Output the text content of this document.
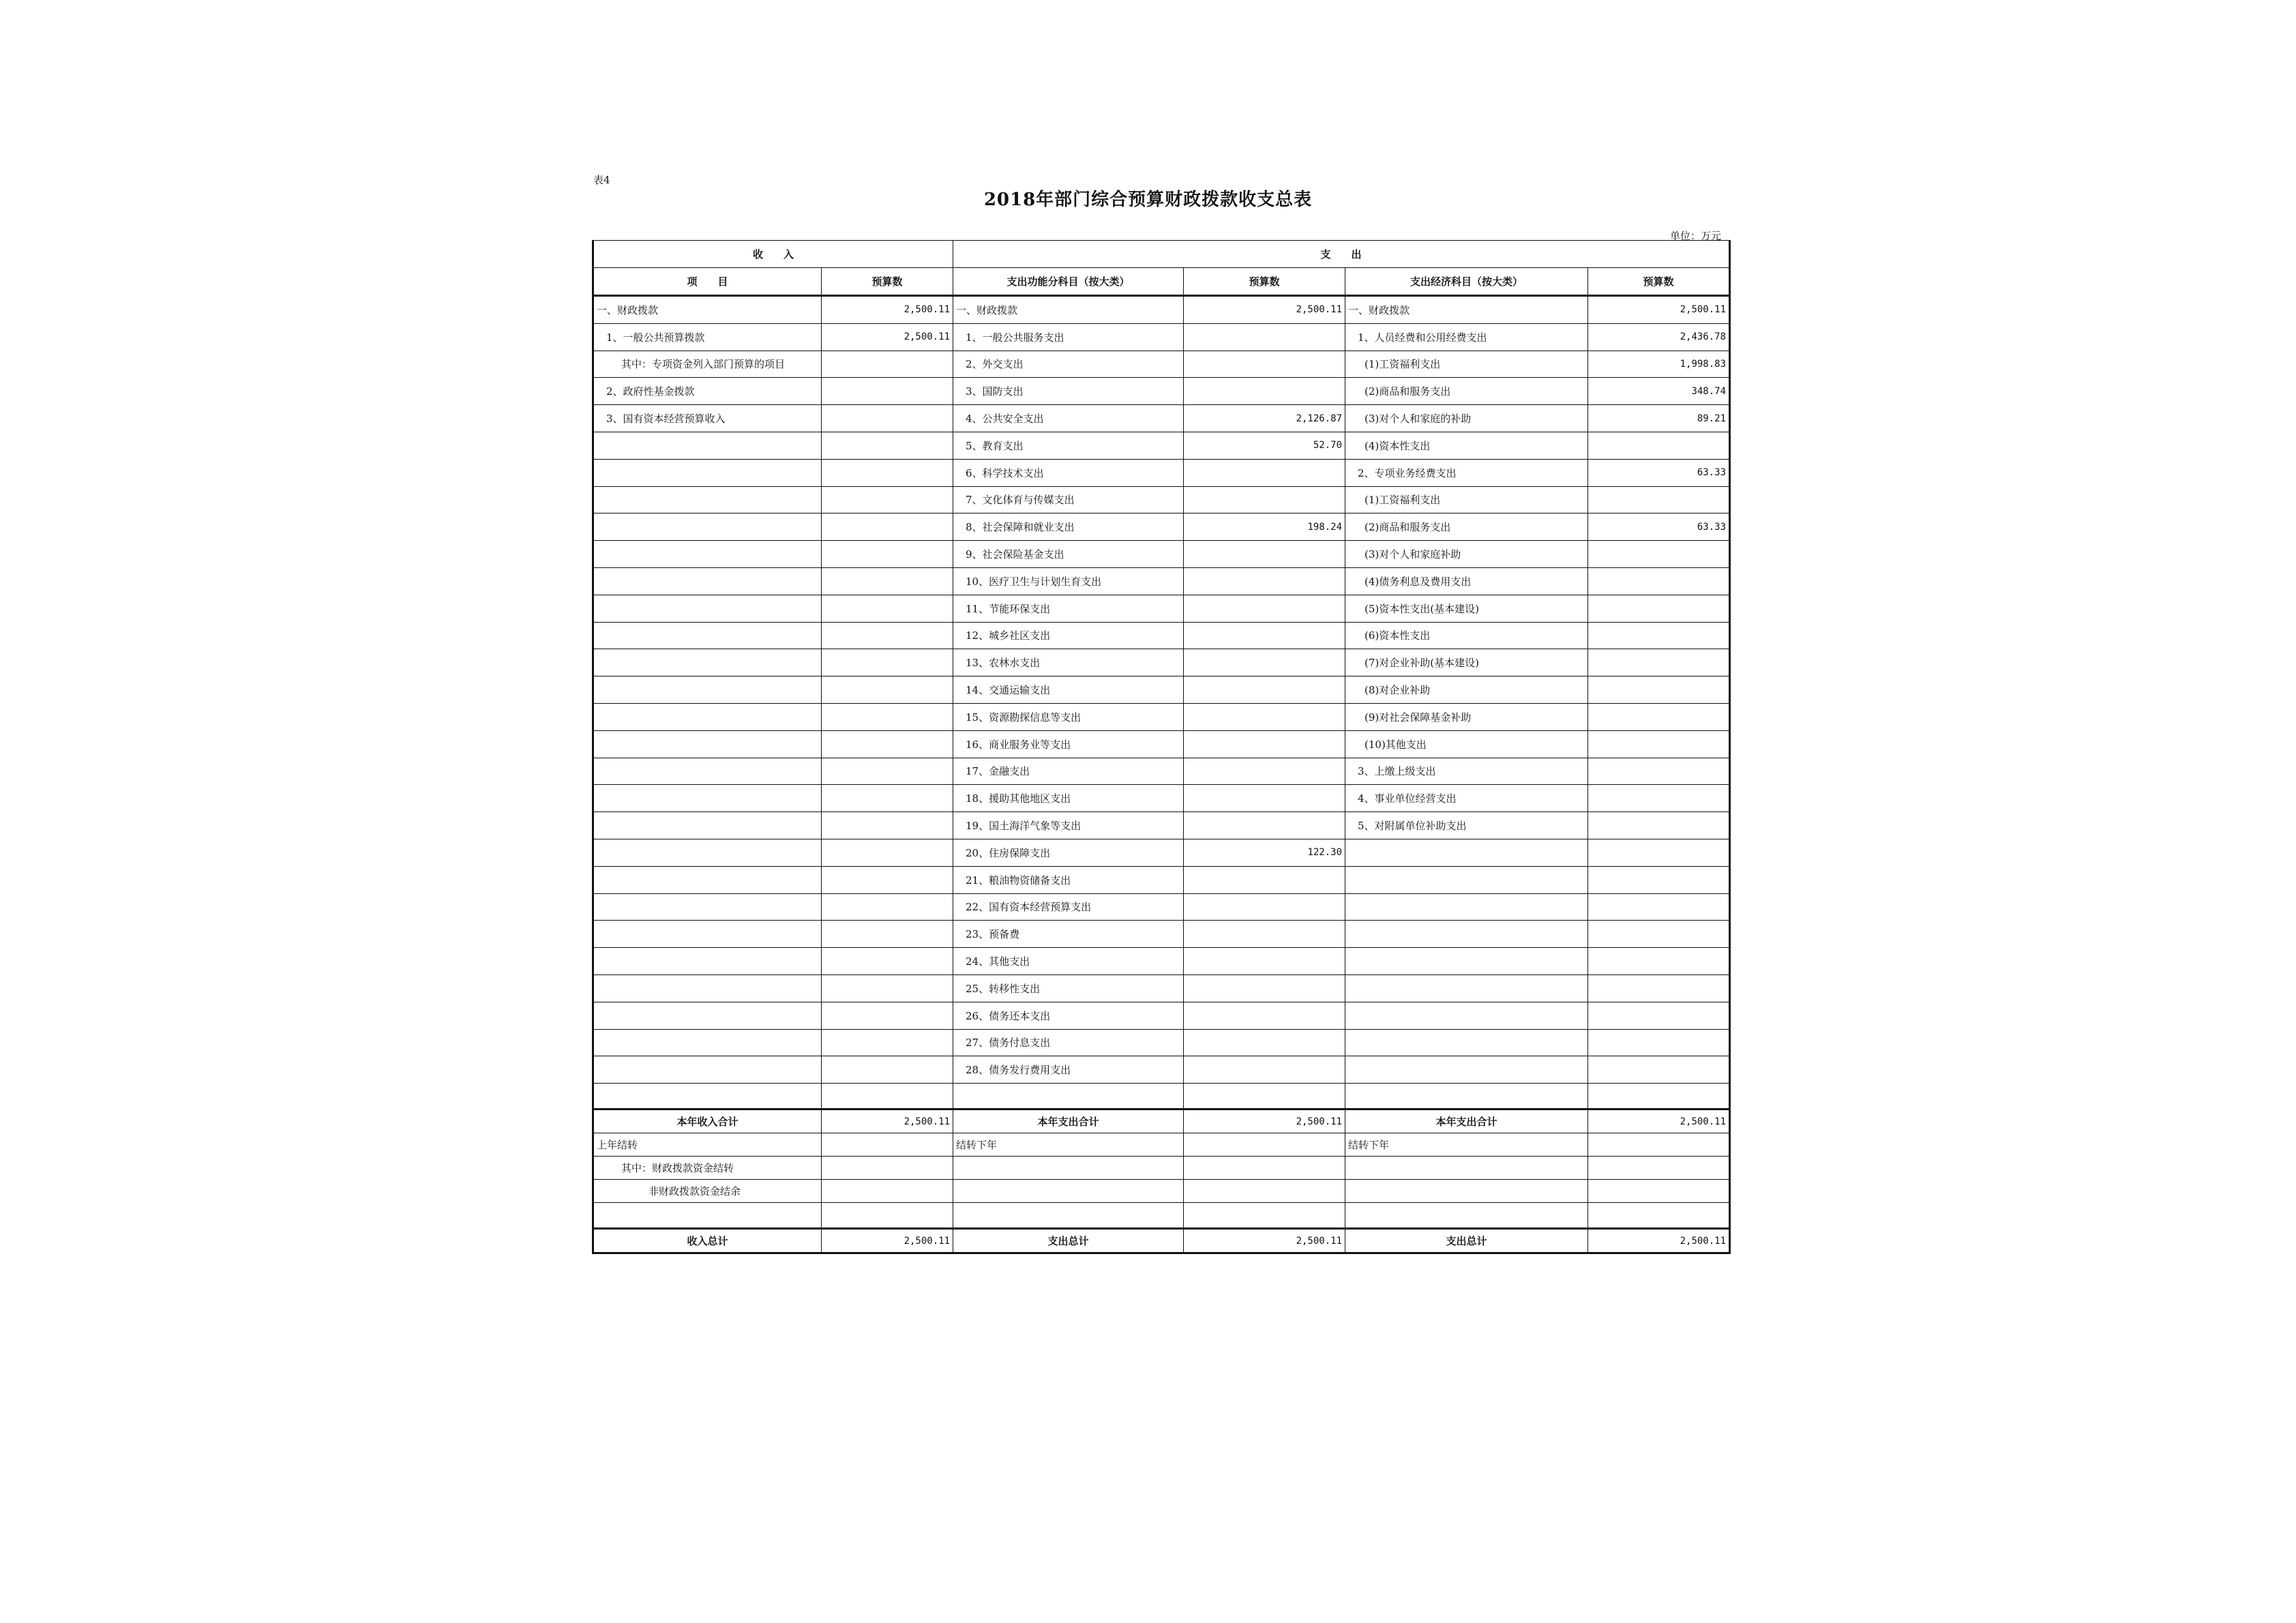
表4
2018年部门综合预算财政拨款收支总表
单位：万元
收　　入		支　　出			
项　　目	预算数	支出功能分科目（按大类）	预算数	支出经济科目（按大类）	预算数
一、财政拨款	2,500.11	一、财政拨款	2,500.11	一、财政拨款	2,500.11
1、一般公共预算拨款	2,500.11	1、一般公共服务支出		1、人员经费和公用经费支出	2,436.78
其中：专项资金列入部门预算的项目		2、外交支出		(1)工资福利支出	1,998.83
2、政府性基金拨款		3、国防支出		(2)商品和服务支出	348.74
3、国有资本经营预算收入		4、公共安全支出	2,126.87	(3)对个人和家庭的补助	89.21
		5、教育支出	52.70	(4)资本性支出	
		6、科学技术支出		2、专项业务经费支出	63.33
		7、文化体育与传媒支出		(1)工资福利支出	
		8、社会保障和就业支出	198.24	(2)商品和服务支出	63.33
		9、社会保险基金支出		(3)对个人和家庭补助	
		10、医疗卫生与计划生育支出		(4)债务利息及费用支出	
		11、节能环保支出		(5)资本性支出(基本建设)	
		12、城乡社区支出		(6)资本性支出	
		13、农林水支出		(7)对企业补助(基本建设)	
		14、交通运输支出		(8)对企业补助	
		15、资源勘探信息等支出		(9)对社会保障基金补助	
		16、商业服务业等支出		(10)其他支出	
		17、金融支出		3、上缴上级支出	
		18、援助其他地区支出		4、事业单位经营支出	
		19、国土海洋气象等支出		5、对附属单位补助支出	
		20、住房保障支出	122.30		
		21、粮油物资储备支出			
		22、国有资本经营预算支出			
		23、预备费			
		24、其他支出			
		25、转移性支出			
		26、债务还本支出			
		27、债务付息支出			
		28、债务发行费用支出			

本年收入合计	2,500.11	本年支出合计	2,500.11	本年支出合计	2,500.11
上年结转		结转下年		结转下年	
其中：财政拨款资金结转					
非财政拨款资金结余					

收入总计	2,500.11	支出总计	2,500.11	支出总计	2,500.11
